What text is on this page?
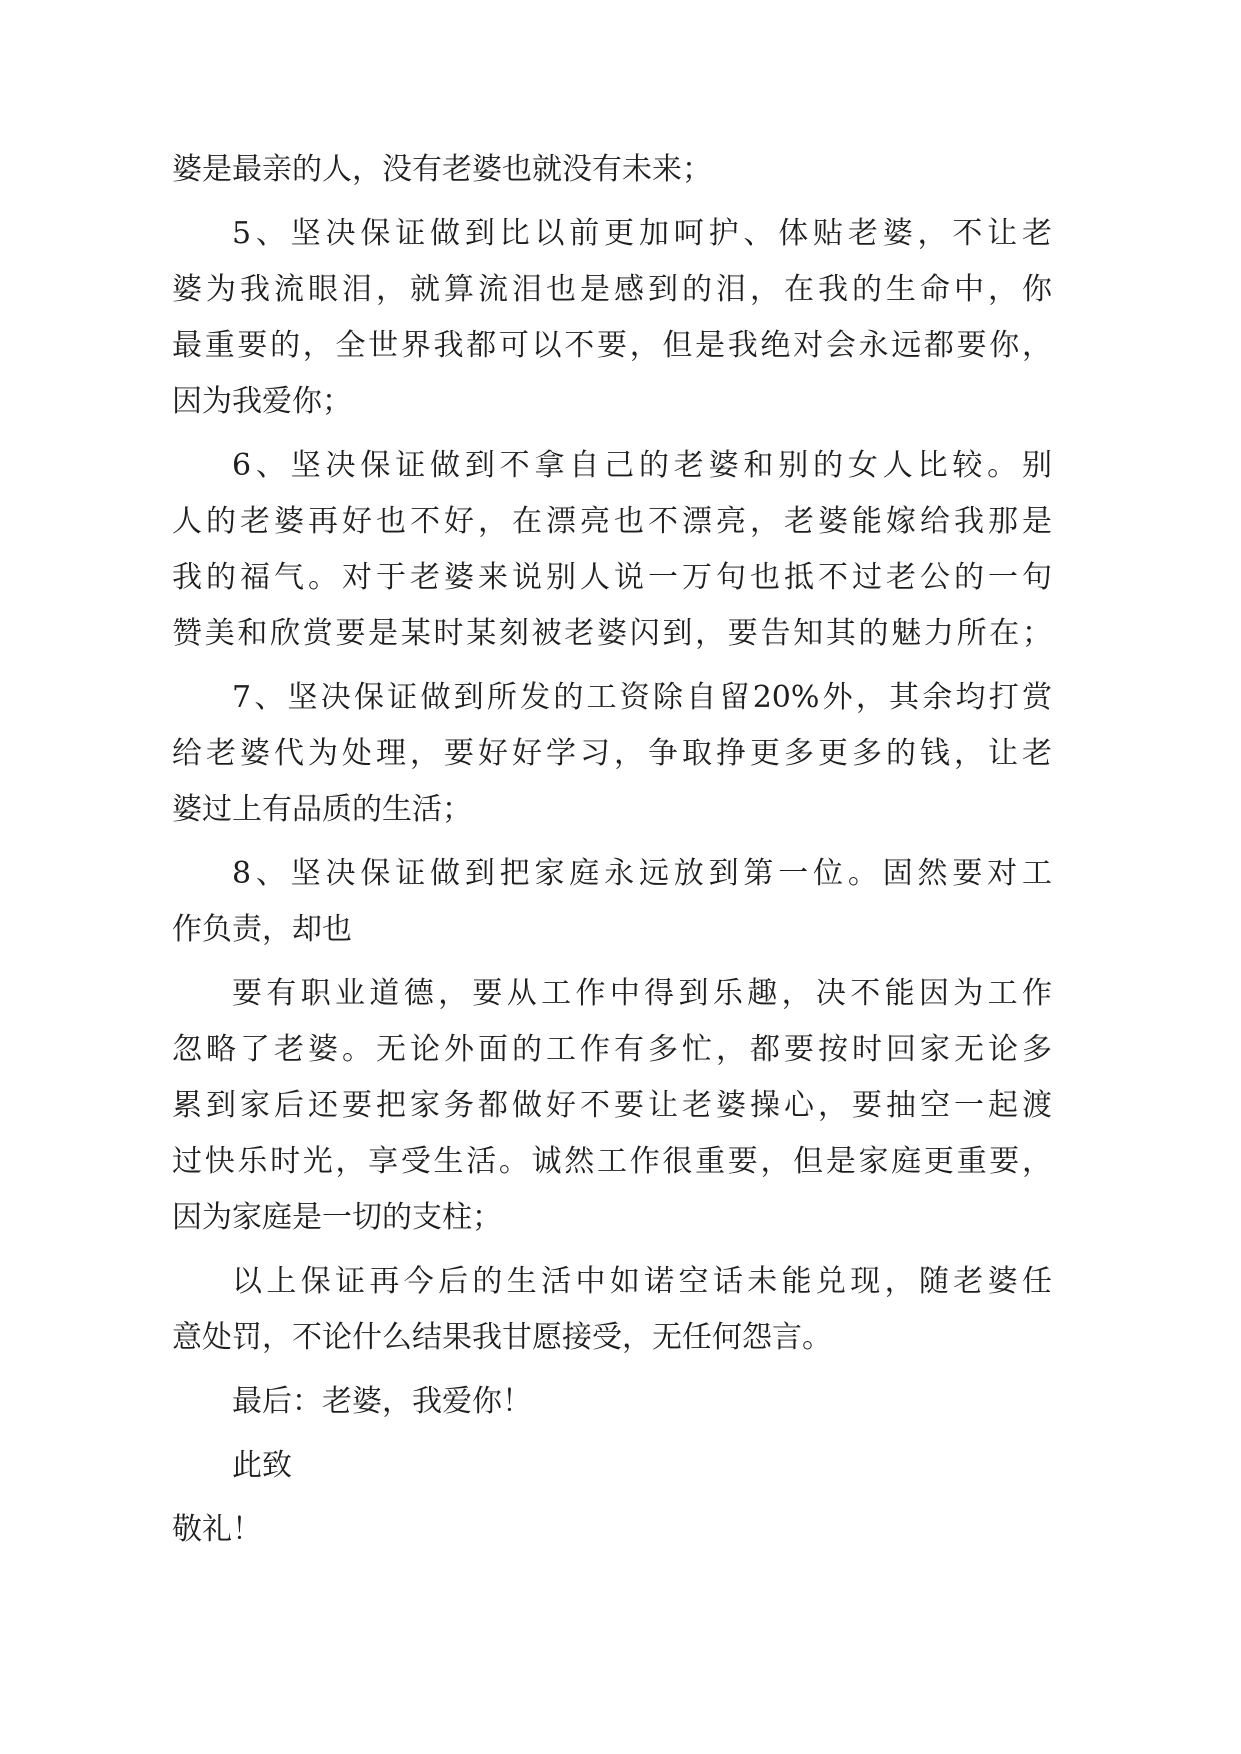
婆是最亲的人，没有老婆也就没有未来；
5、坚决保证做到比以前更加呵护、体贴老婆，不让老
婆为我流眼泪，就算流泪也是感到的泪，在我的生命中，你
最重要的，全世界我都可以不要，但是我绝对会永远都要你，
因为我爱你；
6、坚决保证做到不拿自己的老婆和别的女人比较。别
人的老婆再好也不好，在漂亮也不漂亮，老婆能嫁给我那是
我的福气。对于老婆来说别人说一万句也抵不过老公的一句
赞美和欣赏要是某时某刻被老婆闪到，要告知其的魅力所在；
7、坚决保证做到所发的工资除自留20%外，其余均打赏
给老婆代为处理，要好好学习，争取挣更多更多的钱，让老
婆过上有品质的生活；
8、坚决保证做到把家庭永远放到第一位。固然要对工
作负责，却也
要有职业道德，要从工作中得到乐趣，决不能因为工作
忽略了老婆。无论外面的工作有多忙，都要按时回家无论多
累到家后还要把家务都做好不要让老婆操心，要抽空一起渡
过快乐时光，享受生活。诚然工作很重要，但是家庭更重要，
因为家庭是一切的支柱；
以上保证再今后的生活中如诺空话未能兑现，随老婆任
意处罚，不论什么结果我甘愿接受，无任何怨言。
最后：老婆，我爱你！
此致
敬礼！
